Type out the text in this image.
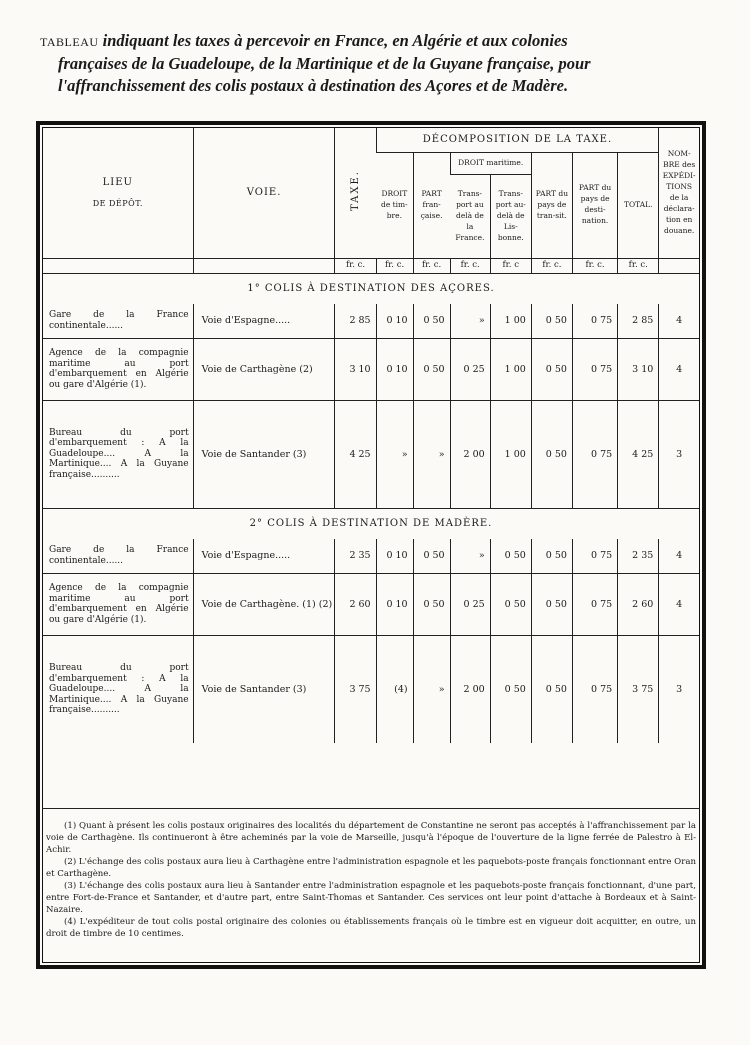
TABLEAU indiquant les taxes à percevoir en France, en Algérie et aux colonies
françaises de la Guadeloupe, de la Martinique et de la Guyane française, pour
l'affranchissement des colis postaux à destination des Açores et de Madère.
LIEU
DE DÉPÔT.	VOIE.	TAXE.	DÉCOMPOSITION DE LA TAXE.							NOM-BRE des EXPÉDI-TIONS de la déclara-tion en douane.
			DROIT de tim-bre.	PART fran-çaise.	DROIT maritime.		PART du pays de tran-sit.	PART du pays de desti-nation.	TOTAL.	
					Trans-port au delà de la France.	Trans-port au-delà de Lis-bonne.				
		fr. c.	fr. c.	fr. c.	fr. c.	fr. c	fr. c.	fr. c.	fr. c.	
1° COLIS À DESTINATION DES AÇORES.										
Gare de la France continentale......	Voie d'Espagne.....	2 85	0 10	0 50	»	1 00	0 50	0 75	2 85	4
Agence de la compagnie maritime au port d'embarquement en Algérie ou gare d'Algérie (1).	Voie de Carthagène (2)	3 10	0 10	0 50	0 25	1 00	0 50	0 75	3 10	4
Bureau du port d'embarquement : A la Guadeloupe.... A la Martinique.... A la Guyane française..........	Voie de Santander (3)	4 25	»	»	2 00	1 00	0 50	0 75	4 25	3
2° COLIS À DESTINATION DE MADÈRE.										
Gare de la France continentale......	Voie d'Espagne.....	2 35	0 10	0 50	»	0 50	0 50	0 75	2 35	4
Agence de la compagnie maritime au port d'embarquement en Algérie ou gare d'Algérie (1).	Voie de Carthagène. (1) (2)	2 60	0 10	0 50	0 25	0 50	0 50	0 75	2 60	4
Bureau du port d'embarquement : A la Guadeloupe.... A la Martinique.... A la Guyane française..........	Voie de Santander (3)	3 75	(4)	»	2 00	0 50	0 50	0 75	3 75	3

(1) Quant à présent les colis postaux originaires des localités du département de Constantine ne seront pas acceptés à l'affranchissement par la voie de Carthagène. Ils continueront à être acheminés par la voie de Marseille, jusqu'à l'époque de l'ouverture de la ligne ferrée de Palestro à El-Achir.

(2) L'échange des colis postaux aura lieu à Carthagène entre l'administration espagnole et les paquebots-poste français fonctionnant entre Oran et Carthagène.

(3) L'échange des colis postaux aura lieu à Santander entre l'administration espagnole et les paquebots-poste français fonctionnant, d'une part, entre Fort-de-France et Santander, et d'autre part, entre Saint-Thomas et Santander. Ces services ont leur point d'attache à Bordeaux et à Saint-Nazaire.

(4) L'expéditeur de tout colis postal originaire des colonies ou établissements français où le timbre est en vigueur doit acquitter, en outre, un droit de timbre de 10 centimes.
